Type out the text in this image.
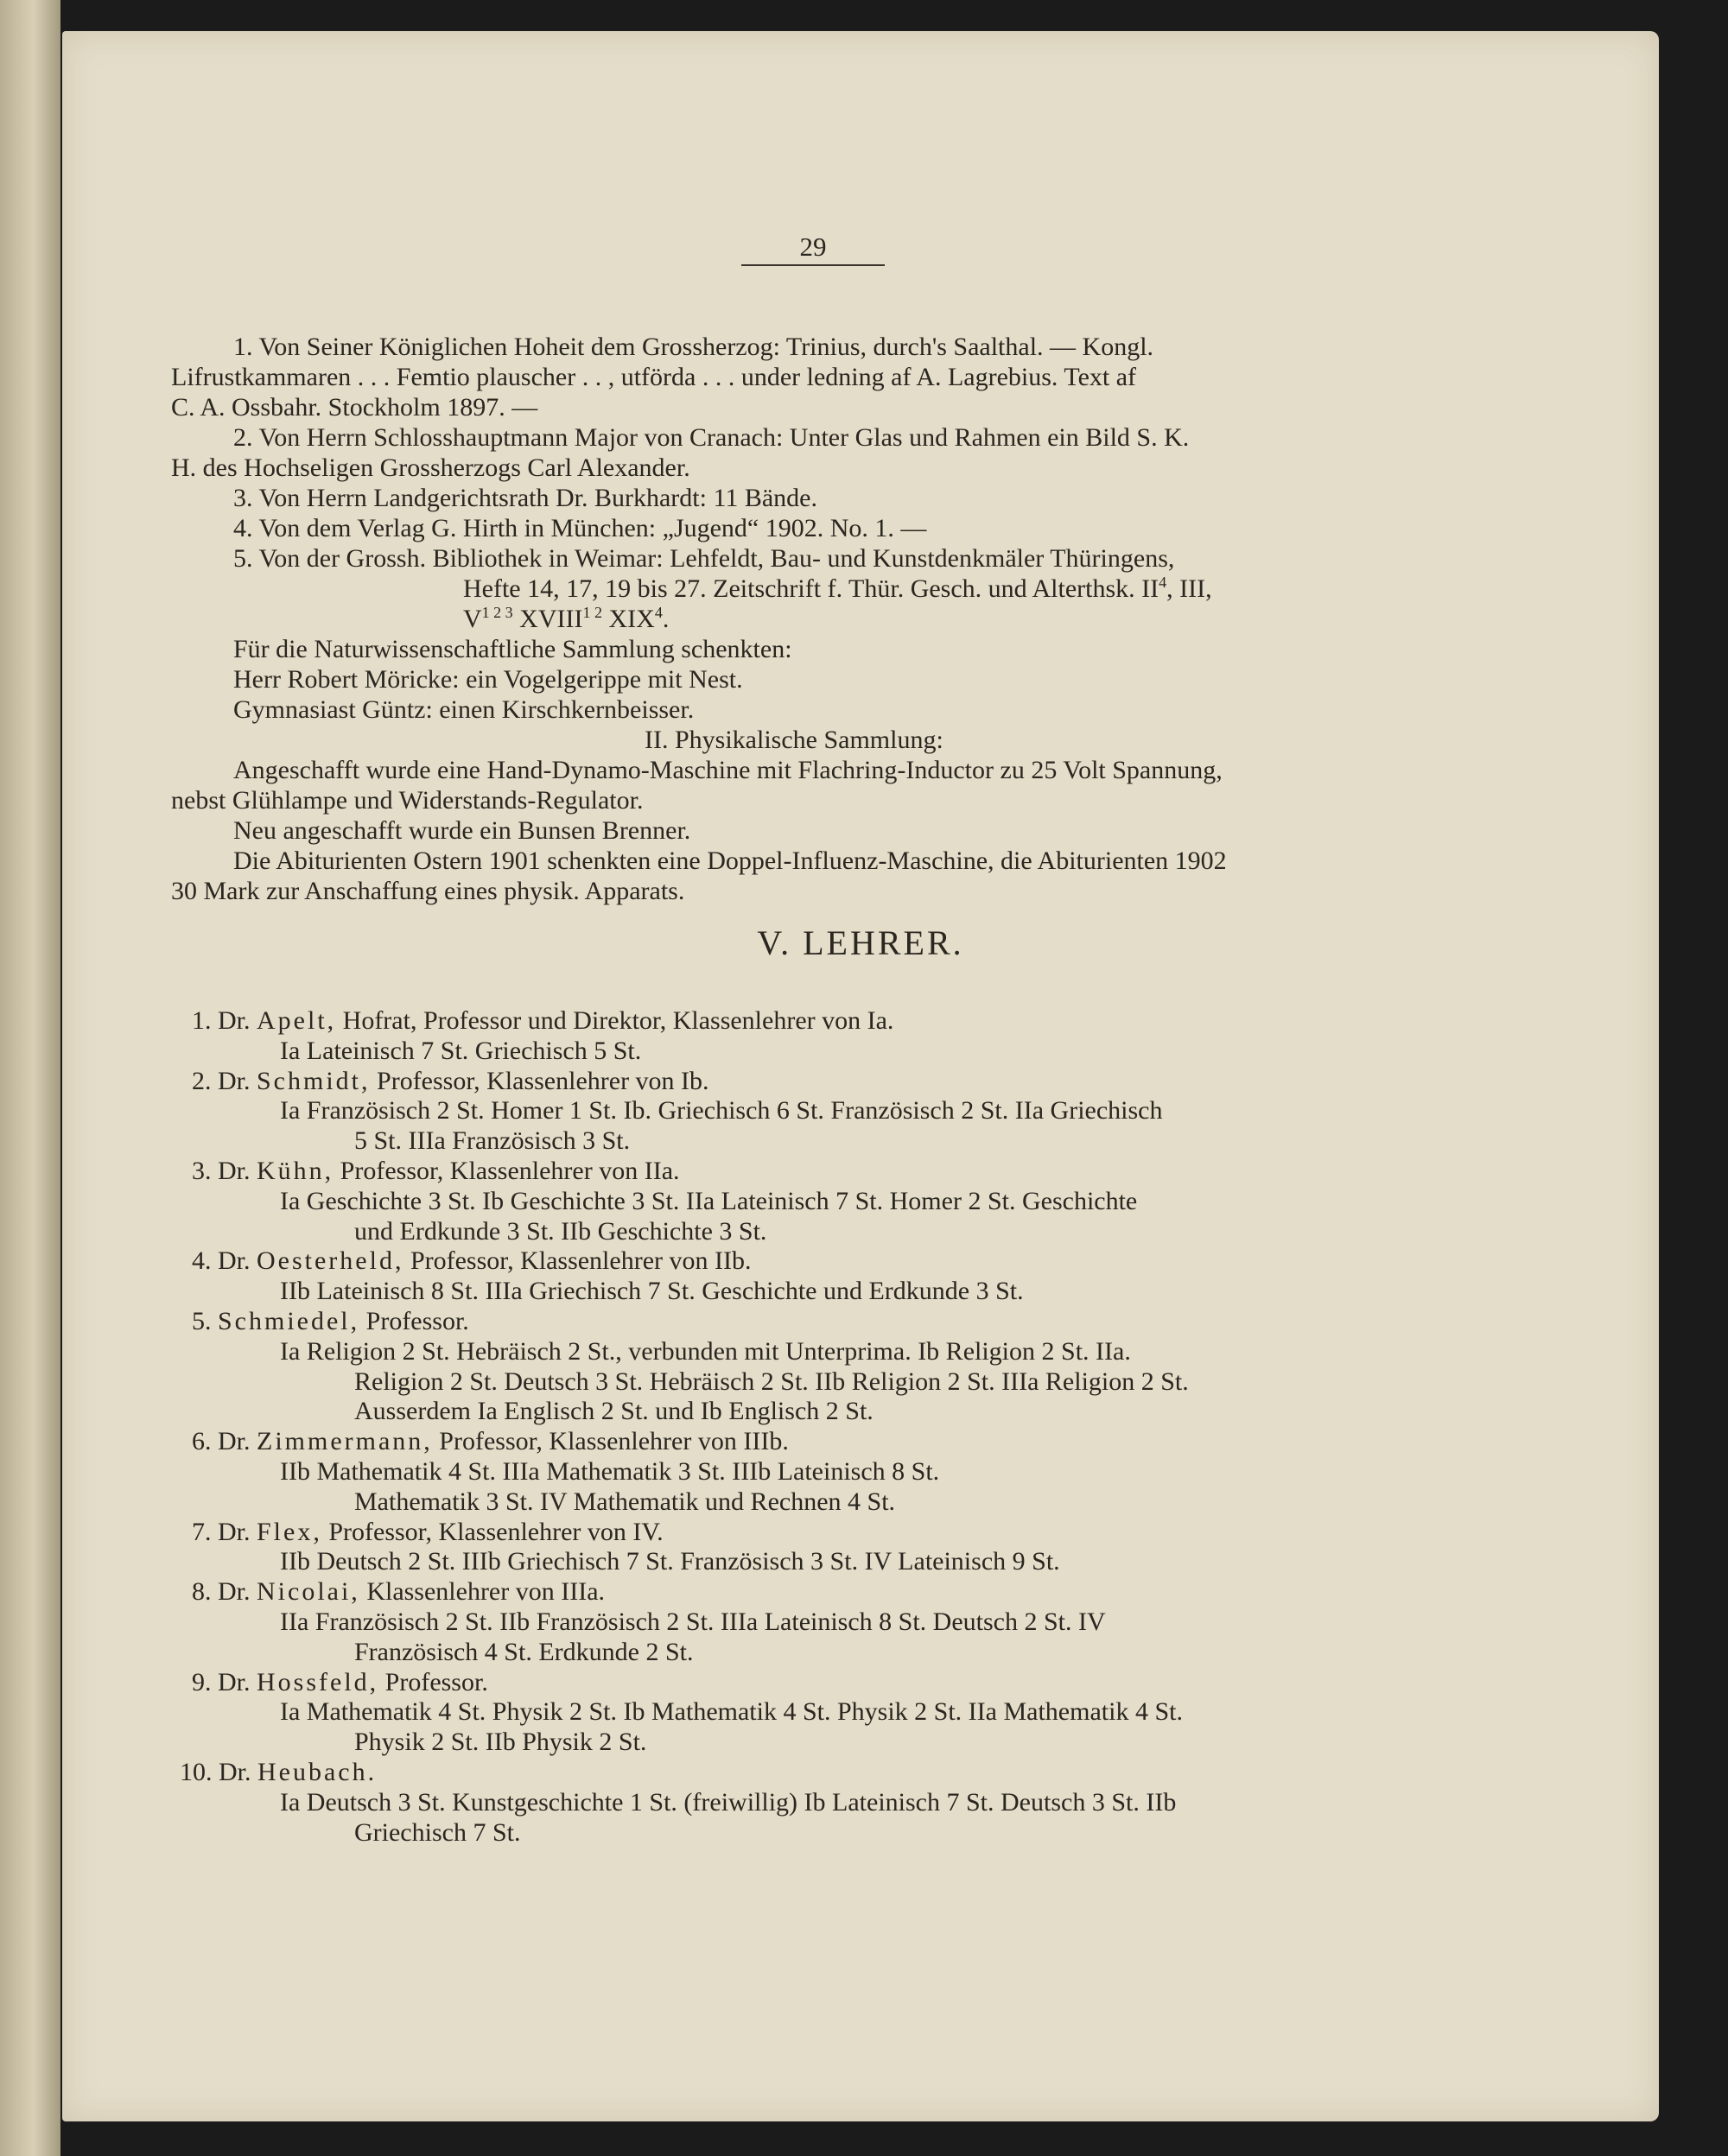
29
1. Von Seiner Königlichen Hoheit dem Grossherzog: Trinius, durch's Saalthal. — Kongl.
Lifrustkammaren . . . Femtio plauscher . . , utförda . . . under ledning af A. Lagrebius. Text af
C. A. Ossbahr. Stockholm 1897. —
2. Von Herrn Schlosshauptmann Major von Cranach: Unter Glas und Rahmen ein Bild S. K.
H. des Hochseligen Grossherzogs Carl Alexander.
3. Von Herrn Landgerichtsrath Dr. Burkhardt: 11 Bände.
4. Von dem Verlag G. Hirth in München: „Jugend“ 1902. No. 1. —
5. Von der Grossh. Bibliothek in Weimar: Lehfeldt, Bau- und Kunstdenkmäler Thüringens,
Hefte 14, 17, 19 bis 27. Zeitschrift f. Thür. Gesch. und Alterthsk. $II^4$, III,
$V^{1 2 3}$ $XVIII^{1 2}$ XIX$^4$.
Für die Naturwissenschaftliche Sammlung schenkten:
Herr Robert Möricke: ein Vogelgerippe mit Nest.
Gymnasiast Güntz: einen Kirschkernbeisser.
II. Physikalische Sammlung:
Angeschafft wurde eine Hand-Dynamo-Maschine mit Flachring-Inductor zu 25 Volt Spannung,
nebst Glühlampe und Widerstands-Regulator.
Neu angeschafft wurde ein Bunsen Brenner.
Die Abiturienten Ostern 1901 schenkten eine Doppel-Influenz-Maschine, die Abiturienten 1902
30 Mark zur Anschaffung eines physik. Apparats.
V. LEHRER.
1. Dr. Apelt, Hofrat, Professor und Direktor, Klassenlehrer von Ia.
Ia Lateinisch 7 St. Griechisch 5 St.
2. Dr. Schmidt, Professor, Klassenlehrer von Ib.
Ia Französisch 2 St. Homer 1 St. Ib. Griechisch 6 St. Französisch 2 St. IIa Griechisch
5 St. IIIa Französisch 3 St.
3. Dr. Kühn, Professor, Klassenlehrer von IIa.
Ia Geschichte 3 St. Ib Geschichte 3 St. IIa Lateinisch 7 St. Homer 2 St. Geschichte
und Erdkunde 3 St. IIb Geschichte 3 St.
4. Dr. Oesterheld, Professor, Klassenlehrer von IIb.
IIb Lateinisch 8 St. IIIa Griechisch 7 St. Geschichte und Erdkunde 3 St.
5. Schmiedel, Professor.
Ia Religion 2 St. Hebräisch 2 St., verbunden mit Unterprima. Ib Religion 2 St. IIa.
Religion 2 St. Deutsch 3 St. Hebräisch 2 St. IIb Religion 2 St. IIIa Religion 2 St.
Ausserdem Ia Englisch 2 St. und Ib Englisch 2 St.
6. Dr. Zimmermann, Professor, Klassenlehrer von IIIb.
IIb Mathematik 4 St. IIIa Mathematik 3 St. IIIb Lateinisch 8 St.
Mathematik 3 St. IV Mathematik und Rechnen 4 St.
7. Dr. Flex, Professor, Klassenlehrer von IV.
IIb Deutsch 2 St. IIIb Griechisch 7 St. Französisch 3 St. IV Lateinisch 9 St.
8. Dr. Nicolai, Klassenlehrer von IIIa.
IIa Französisch 2 St. IIb Französisch 2 St. IIIa Lateinisch 8 St. Deutsch 2 St. IV
Französisch 4 St. Erdkunde 2 St.
9. Dr. Hossfeld, Professor.
Ia Mathematik 4 St. Physik 2 St. Ib Mathematik 4 St. Physik 2 St. IIa Mathematik 4 St.
Physik 2 St. IIb Physik 2 St.
10. Dr. Heubach.
Ia Deutsch 3 St. Kunstgeschichte 1 St. (freiwillig) Ib Lateinisch 7 St. Deutsch 3 St. IIb
Griechisch 7 St.
